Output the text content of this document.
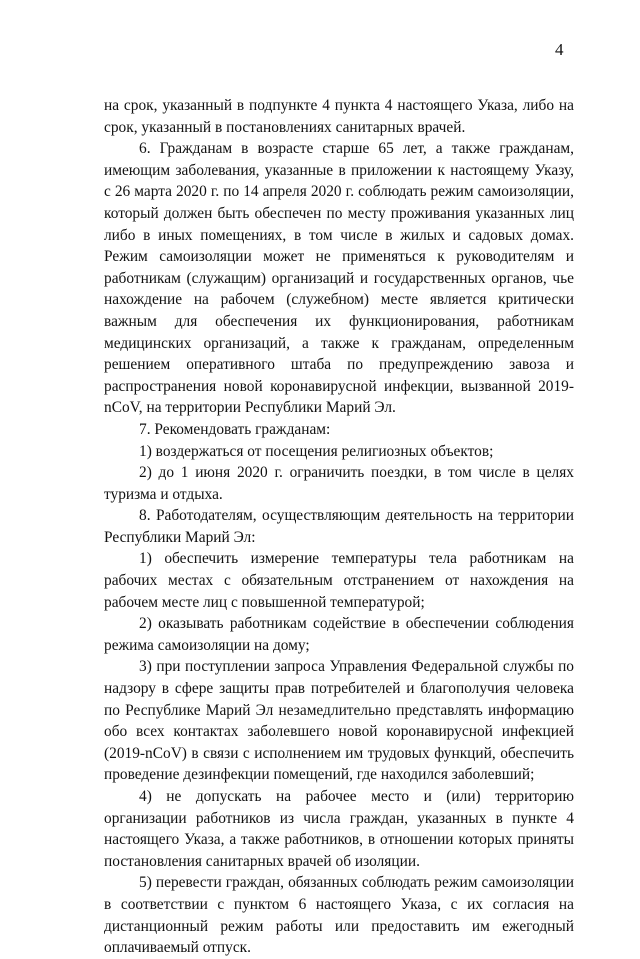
4

на срок, указанный в подпункте 4 пункта 4 настоящего Указа, либо на срок, указанный в постановлениях санитарных врачей.

6. Гражданам в возрасте старше 65 лет, а также гражданам, имеющим заболевания, указанные в приложении к настоящему Указу, с 26 марта 2020 г. по 14 апреля 2020 г. соблюдать режим самоизоляции, который должен быть обеспечен по месту проживания указанных лиц либо в иных помещениях, в том числе в жилых и садовых домах. Режим самоизоляции может не применяться к руководителям и работникам (служащим) организаций и государственных органов, чье нахождение на рабочем (служебном) месте является критически важным для обеспечения их функционирования, работникам медицинских организаций, а также к гражданам, определенным решением оперативного штаба по предупреждению завоза и распространения новой коронавирусной инфекции, вызванной 2019-nCoV, на территории Республики Марий Эл.

7. Рекомендовать гражданам:

1) воздержаться от посещения религиозных объектов;

2) до 1 июня 2020 г. ограничить поездки, в том числе в целях туризма и отдыха.

8. Работодателям, осуществляющим деятельность на территории Республики Марий Эл:

1) обеспечить измерение температуры тела работникам на рабочих местах с обязательным отстранением от нахождения на рабочем месте лиц с повышенной температурой;

2) оказывать работникам содействие в обеспечении соблюдения режима самоизоляции на дому;

3) при поступлении запроса Управления Федеральной службы по надзору в сфере защиты прав потребителей и благополучия человека по Республике Марий Эл незамедлительно представлять информацию обо всех контактах заболевшего новой коронавирусной инфекцией (2019-nCoV) в связи с исполнением им трудовых функций, обеспечить проведение дезинфекции помещений, где находился заболевший;

4) не допускать на рабочее место и (или) территорию организации работников из числа граждан, указанных в пункте 4 настоящего Указа, а также работников, в отношении которых приняты постановления санитарных врачей об изоляции.

5) перевести граждан, обязанных соблюдать режим самоизоляции в соответствии с пунктом 6 настоящего Указа, с их согласия на дистанционный режим работы или предоставить им ежегодный оплачиваемый отпуск.
